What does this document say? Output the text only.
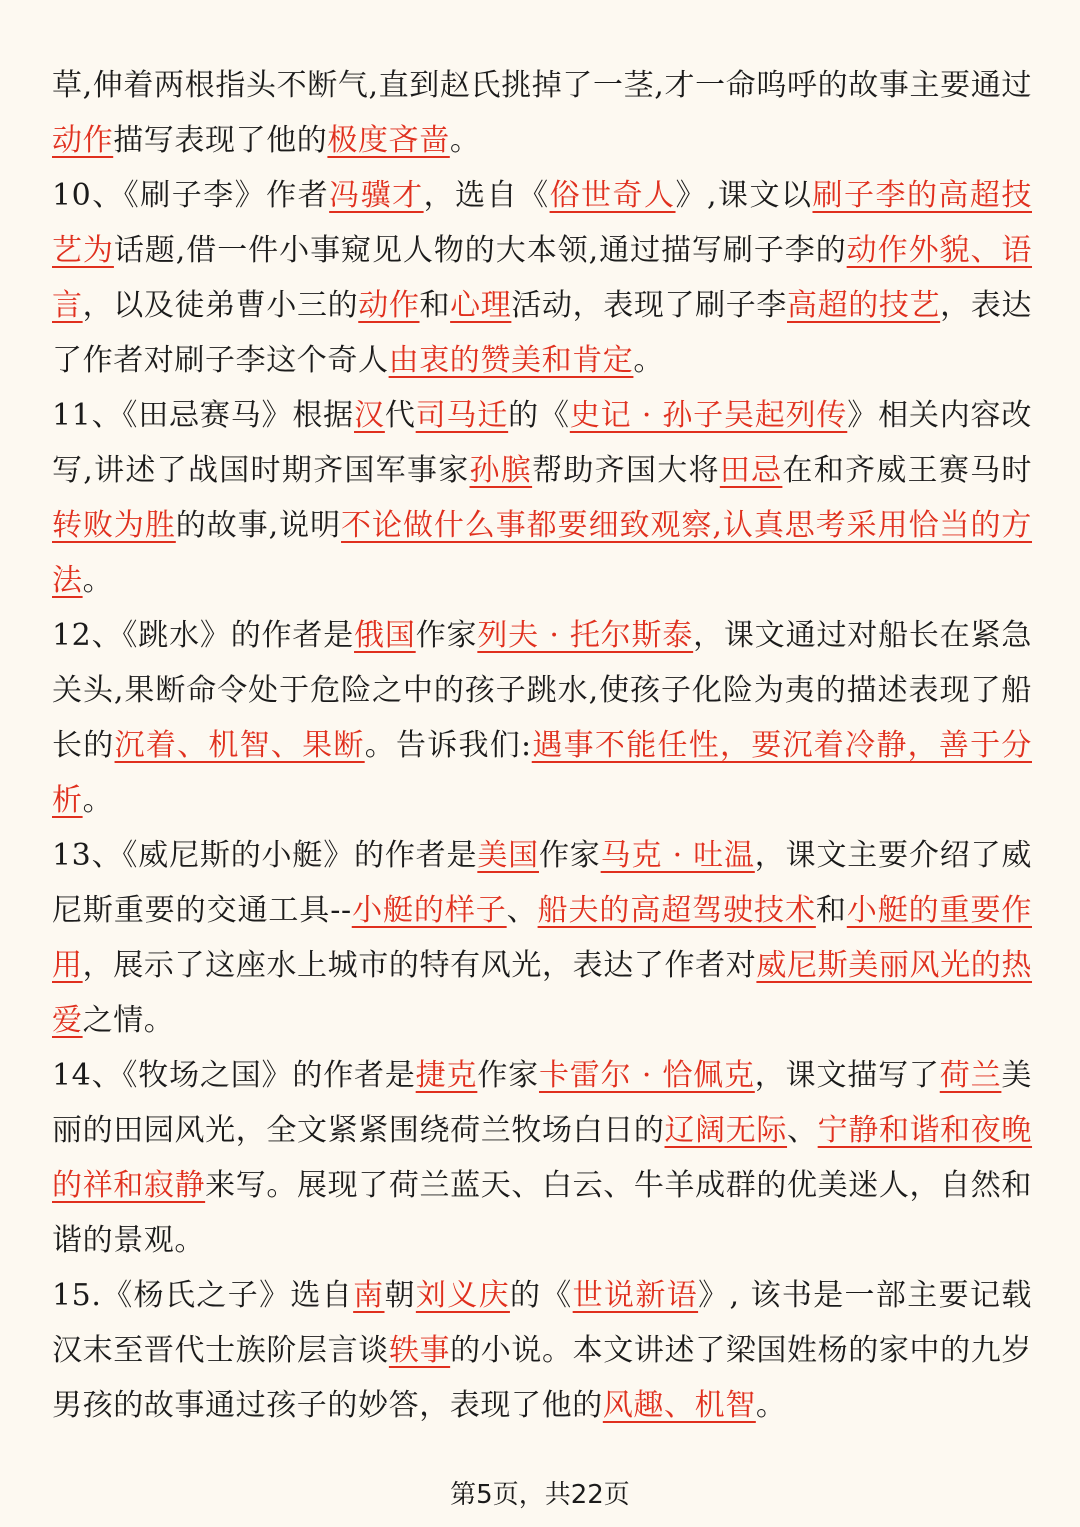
草,伸着两根指头不断气,直到赵氏挑掉了一茎,才一命呜呼的故事主要通过动作描写表现了他的极度吝啬。

10、《刷子李》作者冯骥才，选自《俗世奇人》,课文以刷子李的高超技艺为话题,借一件小事窥见人物的大本领,通过描写刷子李的动作外貌、语言，以及徒弟曹小三的动作和心理活动，表现了刷子李高超的技艺，表达了作者对刷子李这个奇人由衷的赞美和肯定。

11、《田忌赛马》根据汉代司马迁的《史记 · 孙子吴起列传》相关内容改写,讲述了战国时期齐国军事家孙膑帮助齐国大将田忌在和齐威王赛马时转败为胜的故事,说明不论做什么事都要细致观察,认真思考采用恰当的方法。

12、《跳水》的作者是俄国作家列夫 · 托尔斯泰，课文通过对船长在紧急关头,果断命令处于危险之中的孩子跳水,使孩子化险为夷的描述表现了船长的沉着、机智、果断。告诉我们:遇事不能任性，要沉着冷静，善于分析。

13、《威尼斯的小艇》的作者是美国作家马克 · 吐温，课文主要介绍了威尼斯重要的交通工具--小艇的样子、船夫的高超驾驶技术和小艇的重要作用，展示了这座水上城市的特有风光，表达了作者对威尼斯美丽风光的热爱之情。

14、《牧场之国》的作者是捷克作家卡雷尔 · 恰佩克，课文描写了荷兰美丽的田园风光，全文紧紧围绕荷兰牧场白日的辽阔无际、宁静和谐和夜晚的祥和寂静来写。展现了荷兰蓝天、白云、牛羊成群的优美迷人，自然和谐的景观。

15.《杨氏之子》选自南朝刘义庆的《世说新语》, 该书是一部主要记载汉末至晋代士族阶层言谈轶事的小说。本文讲述了梁国姓杨的家中的九岁男孩的故事通过孩子的妙答，表现了他的风趣、机智。

第5页，共22页
